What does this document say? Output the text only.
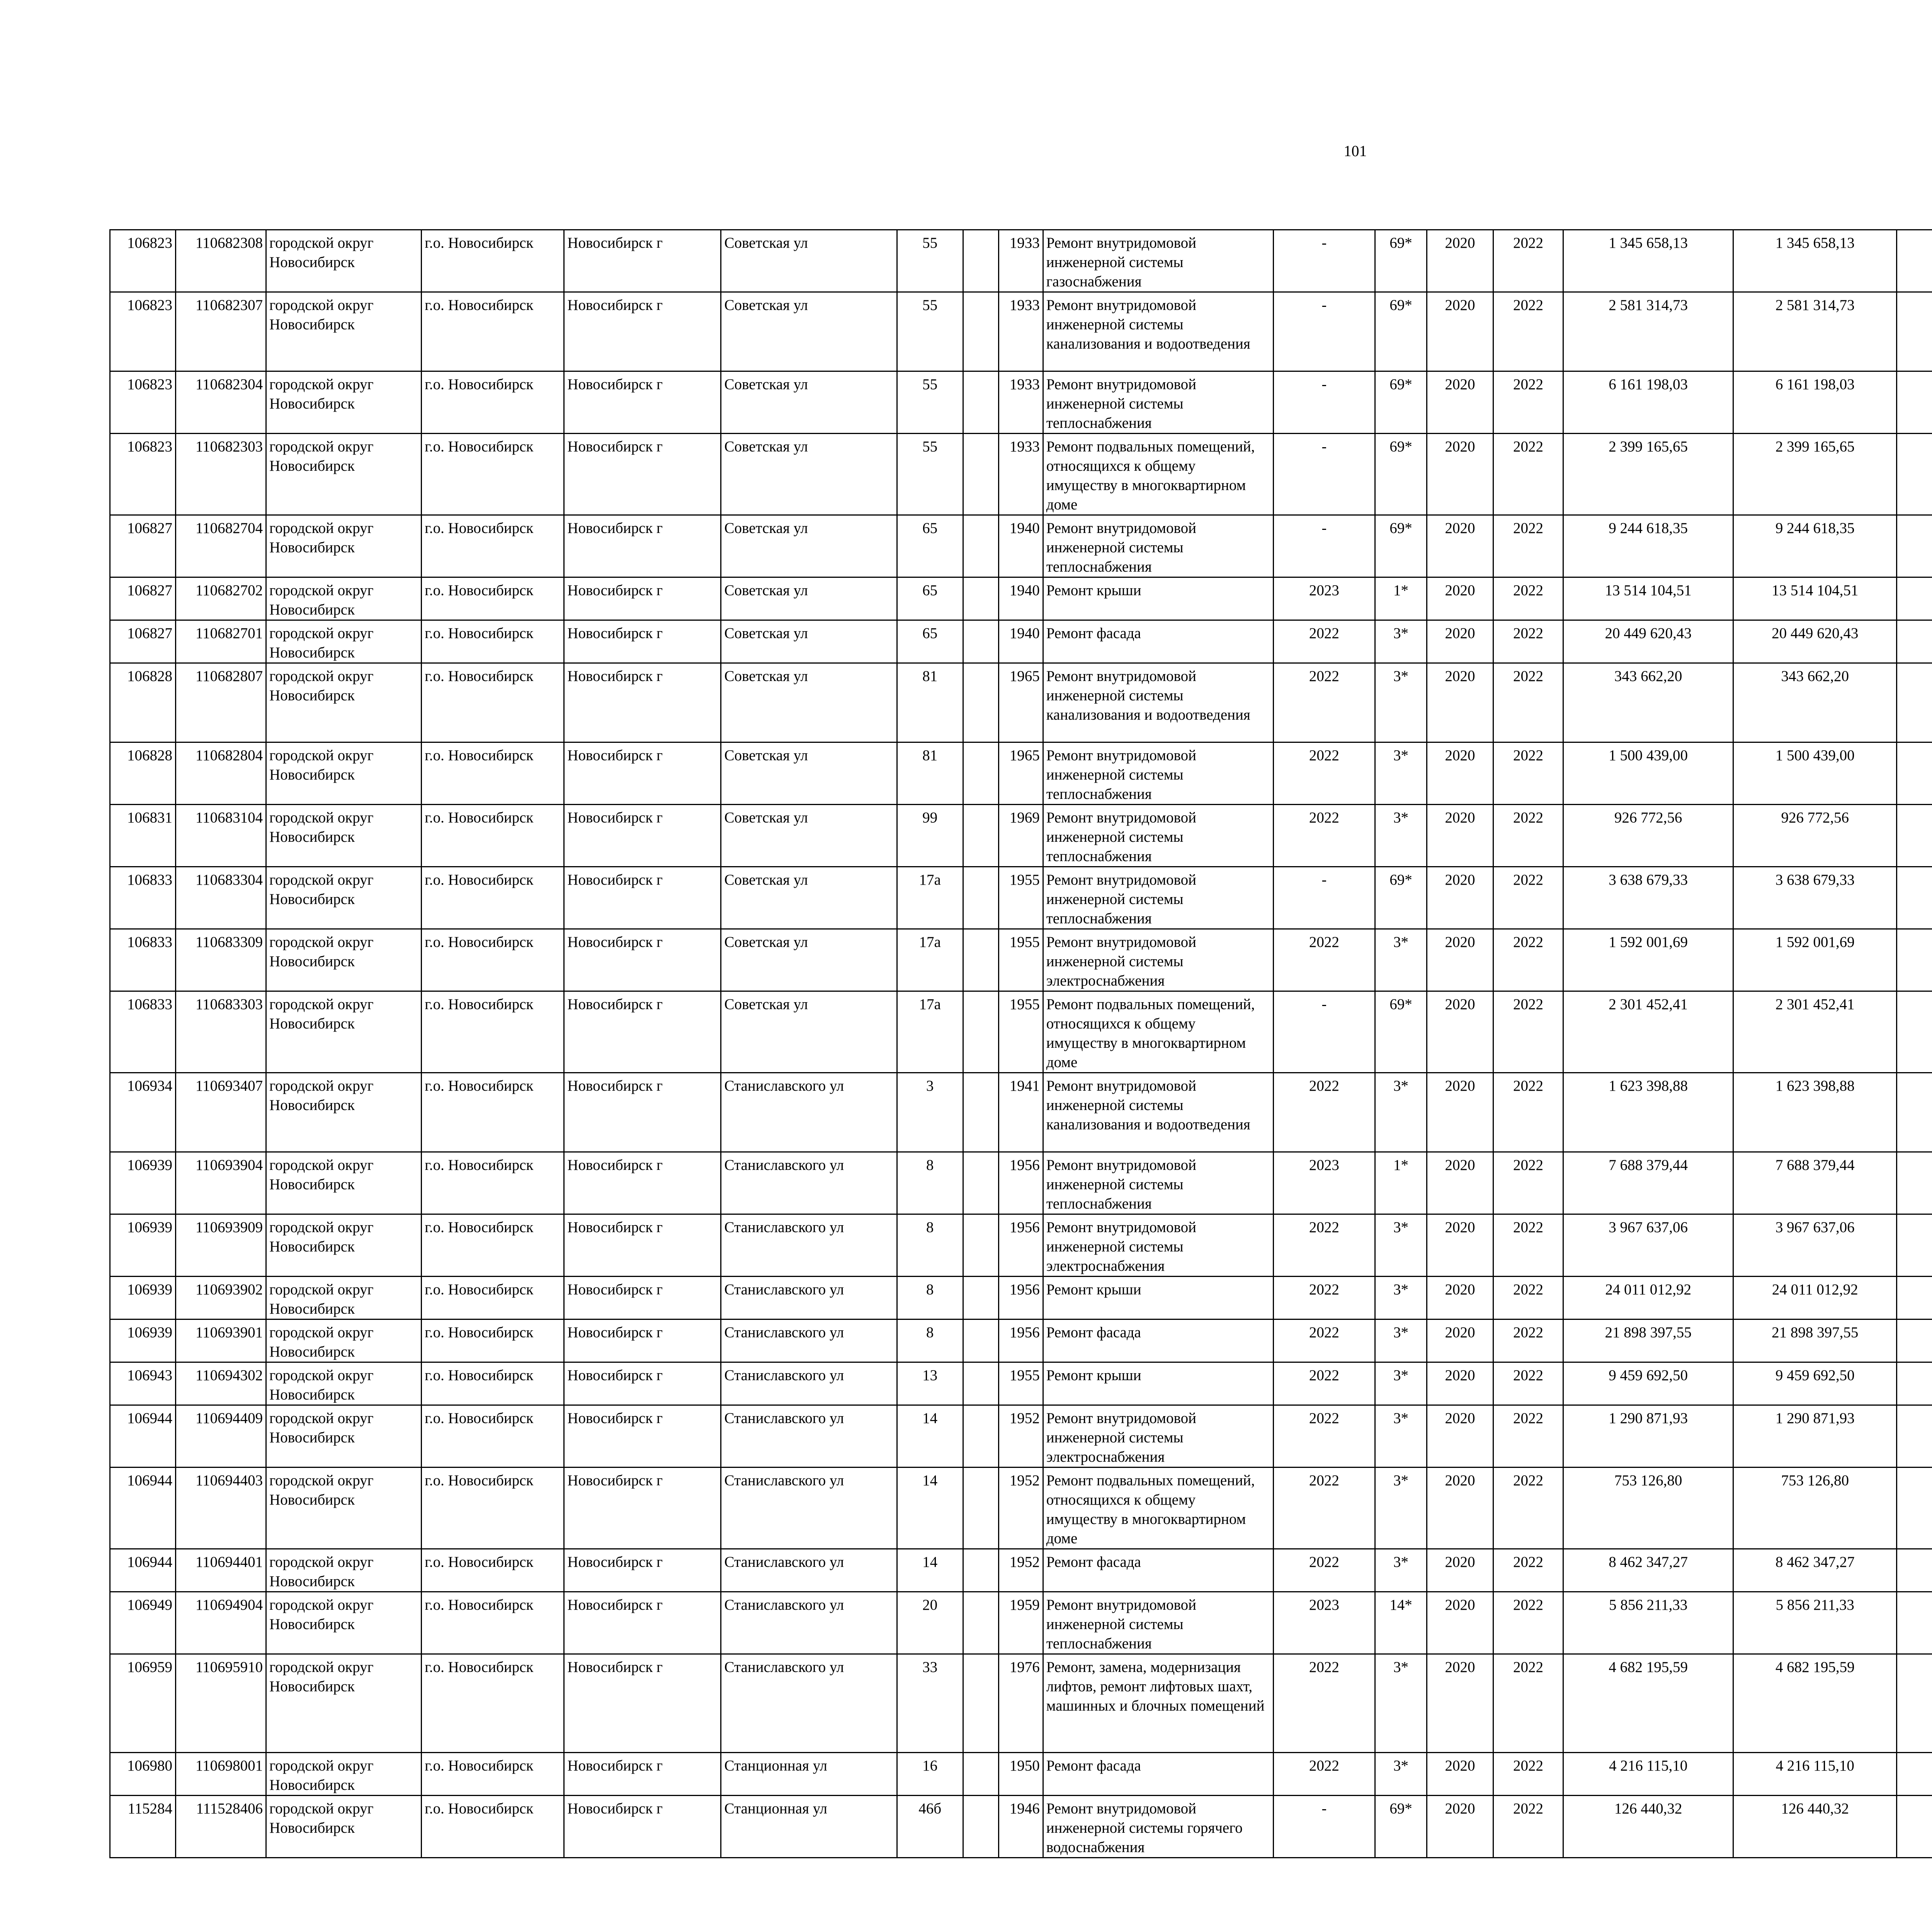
101
106823	110682308	городской округ Новосибирск	г.о. Новосибирск	Новосибирск г	Советская ул	55		1933	Ремонт внутридомовой инженерной системы газоснабжения	-	69*	2020	2022	1 345 658,13	1 345 658,13						
106823	110682307	городской округ Новосибирск	г.о. Новосибирск	Новосибирск г	Советская ул	55		1933	Ремонт внутридомовой инженерной системы канализования и водоотведения	-	69*	2020	2022	2 581 314,73	2 581 314,73						
106823	110682304	городской округ Новосибирск	г.о. Новосибирск	Новосибирск г	Советская ул	55		1933	Ремонт внутридомовой инженерной системы теплоснабжения	-	69*	2020	2022	6 161 198,03	6 161 198,03						
106823	110682303	городской округ Новосибирск	г.о. Новосибирск	Новосибирск г	Советская ул	55		1933	Ремонт подвальных помещений, относящихся к общему имуществу в многоквартирном доме	-	69*	2020	2022	2 399 165,65	2 399 165,65						
106827	110682704	городской округ Новосибирск	г.о. Новосибирск	Новосибирск г	Советская ул	65		1940	Ремонт внутридомовой инженерной системы теплоснабжения	-	69*	2020	2022	9 244 618,35	9 244 618,35						
106827	110682702	городской округ Новосибирск	г.о. Новосибирск	Новосибирск г	Советская ул	65		1940	Ремонт крыши	2023	1*	2020	2022	13 514 104,51	13 514 104,51						
106827	110682701	городской округ Новосибирск	г.о. Новосибирск	Новосибирск г	Советская ул	65		1940	Ремонт фасада	2022	3*	2020	2022	20 449 620,43	20 449 620,43						
106828	110682807	городской округ Новосибирск	г.о. Новосибирск	Новосибирск г	Советская ул	81		1965	Ремонт внутридомовой инженерной системы канализования и водоотведения	2022	3*	2020	2022	343 662,20	343 662,20						
106828	110682804	городской округ Новосибирск	г.о. Новосибирск	Новосибирск г	Советская ул	81		1965	Ремонт внутридомовой инженерной системы теплоснабжения	2022	3*	2020	2022	1 500 439,00	1 500 439,00						
106831	110683104	городской округ Новосибирск	г.о. Новосибирск	Новосибирск г	Советская ул	99		1969	Ремонт внутридомовой инженерной системы теплоснабжения	2022	3*	2020	2022	926 772,56	926 772,56						
106833	110683304	городской округ Новосибирск	г.о. Новосибирск	Новосибирск г	Советская ул	17а		1955	Ремонт внутридомовой инженерной системы теплоснабжения	-	69*	2020	2022	3 638 679,33	3 638 679,33						
106833	110683309	городской округ Новосибирск	г.о. Новосибирск	Новосибирск г	Советская ул	17а		1955	Ремонт внутридомовой инженерной системы электроснабжения	2022	3*	2020	2022	1 592 001,69	1 592 001,69						
106833	110683303	городской округ Новосибирск	г.о. Новосибирск	Новосибирск г	Советская ул	17а		1955	Ремонт подвальных помещений, относящихся к общему имуществу в многоквартирном доме	-	69*	2020	2022	2 301 452,41	2 301 452,41						
106934	110693407	городской округ Новосибирск	г.о. Новосибирск	Новосибирск г	Станиславского ул	3		1941	Ремонт внутридомовой инженерной системы канализования и водоотведения	2022	3*	2020	2022	1 623 398,88	1 623 398,88						
106939	110693904	городской округ Новосибирск	г.о. Новосибирск	Новосибирск г	Станиславского ул	8		1956	Ремонт внутридомовой инженерной системы теплоснабжения	2023	1*	2020	2022	7 688 379,44	7 688 379,44						
106939	110693909	городской округ Новосибирск	г.о. Новосибирск	Новосибирск г	Станиславского ул	8		1956	Ремонт внутридомовой инженерной системы электроснабжения	2022	3*	2020	2022	3 967 637,06	3 967 637,06						
106939	110693902	городской округ Новосибирск	г.о. Новосибирск	Новосибирск г	Станиславского ул	8		1956	Ремонт крыши	2022	3*	2020	2022	24 011 012,92	24 011 012,92						
106939	110693901	городской округ Новосибирск	г.о. Новосибирск	Новосибирск г	Станиславского ул	8		1956	Ремонт фасада	2022	3*	2020	2022	21 898 397,55	21 898 397,55						
106943	110694302	городской округ Новосибирск	г.о. Новосибирск	Новосибирск г	Станиславского ул	13		1955	Ремонт крыши	2022	3*	2020	2022	9 459 692,50	9 459 692,50						
106944	110694409	городской округ Новосибирск	г.о. Новосибирск	Новосибирск г	Станиславского ул	14		1952	Ремонт внутридомовой инженерной системы электроснабжения	2022	3*	2020	2022	1 290 871,93	1 290 871,93						
106944	110694403	городской округ Новосибирск	г.о. Новосибирск	Новосибирск г	Станиславского ул	14		1952	Ремонт подвальных помещений, относящихся к общему имуществу в многоквартирном доме	2022	3*	2020	2022	753 126,80	753 126,80						
106944	110694401	городской округ Новосибирск	г.о. Новосибирск	Новосибирск г	Станиславского ул	14		1952	Ремонт фасада	2022	3*	2020	2022	8 462 347,27	8 462 347,27						
106949	110694904	городской округ Новосибирск	г.о. Новосибирск	Новосибирск г	Станиславского ул	20		1959	Ремонт внутридомовой инженерной системы теплоснабжения	2023	14*	2020	2022	5 856 211,33	5 856 211,33						
106959	110695910	городской округ Новосибирск	г.о. Новосибирск	Новосибирск г	Станиславского ул	33		1976	Ремонт, замена, модернизация лифтов, ремонт лифтовых шахт, машинных и блочных помещений	2022	3*	2020	2022	4 682 195,59	4 682 195,59						
106980	110698001	городской округ Новосибирск	г.о. Новосибирск	Новосибирск г	Станционная ул	16		1950	Ремонт фасада	2022	3*	2020	2022	4 216 115,10	4 216 115,10						
115284	111528406	городской округ Новосибирск	г.о. Новосибирск	Новосибирск г	Станционная ул	46б		1946	Ремонт внутридомовой инженерной системы горячего водоснабжения	-	69*	2020	2022	126 440,32	126 440,32						
